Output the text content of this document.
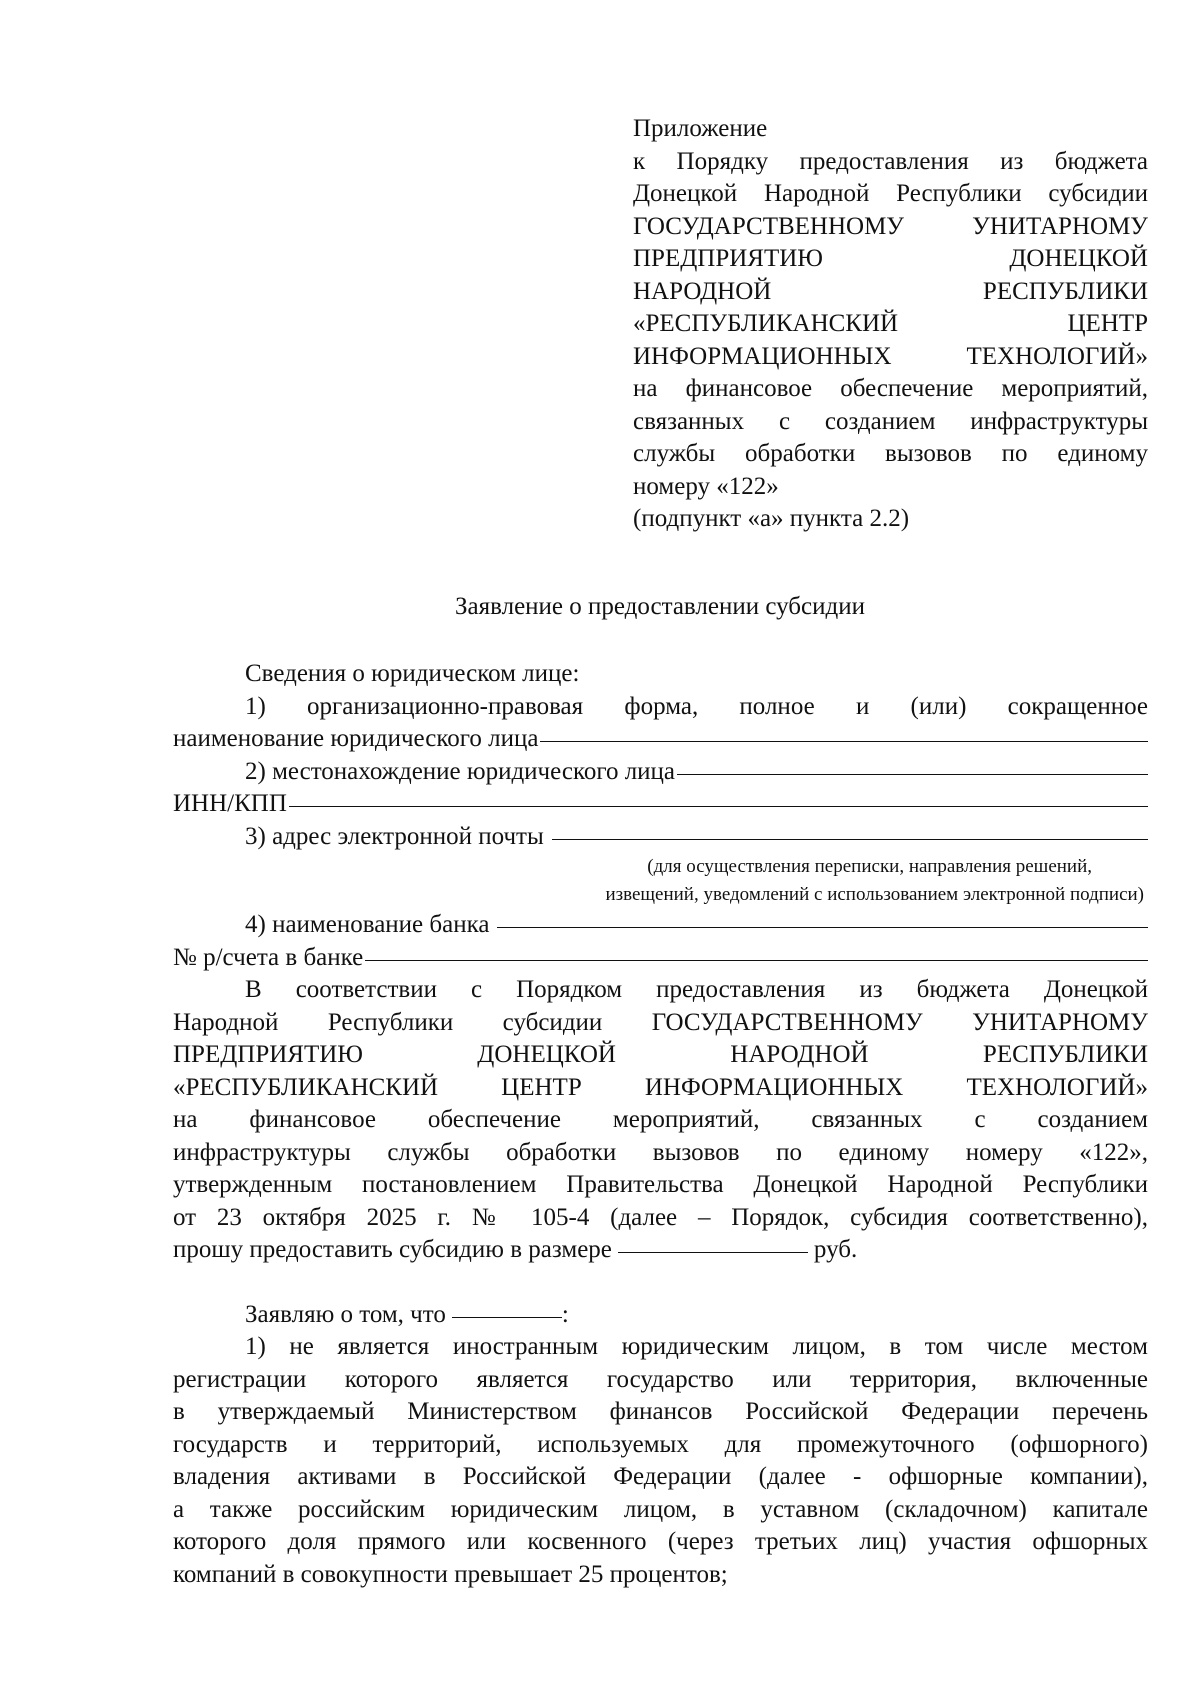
Приложение
к Порядку предоставления из бюджета
Донецкой Народной Республики субсидии
ГОСУДАРСТВЕННОМУ УНИТАРНОМУ
ПРЕДПРИЯТИЮ	ДОНЕЦКОЙ
НАРОДНОЙ	РЕСПУБЛИКИ
«РЕСПУБЛИКАНСКИЙ	ЦЕНТР
ИНФОРМАЦИОННЫХ ТЕХНОЛОГИЙ»
на финансовое обеспечение мероприятий,
связанных с созданием инфраструктуры
службы обработки вызовов по единому
номеру «122»
(подпункт «а» пункта 2.2)
Заявление о предоставлении субсидии
Сведения о юридическом лице:
1) организационно-правовая форма, полное и (или) сокращенное
наименование юридического лица
2) местонахождение юридического лица
ИНН/КПП
3) адрес электронной почты
(для осуществления переписки, направления решений,
извещений, уведомлений с использованием электронной подписи)
4) наименование банка
№ р/счета в банке
В соответствии с Порядком предоставления из бюджета Донецкой
Народной Республики субсидии ГОСУДАРСТВЕННОМУ УНИТАРНОМУ
ПРЕДПРИЯТИЮ ДОНЕЦКОЙ НАРОДНОЙ РЕСПУБЛИКИ
«РЕСПУБЛИКАНСКИЙ ЦЕНТР ИНФОРМАЦИОННЫХ ТЕХНОЛОГИЙ»
на финансовое обеспечение мероприятий, связанных с созданием
инфраструктуры службы обработки вызовов по единому номеру «122»,
утвержденным постановлением Правительства Донецкой Народной Республики
от 23 октября 2025 г. № 105-4 (далее – Порядок, субсидия соответственно),
прошу предоставить субсидию в размере	руб.
Заявляю о том, что	:
1) не является иностранным юридическим лицом, в том числе местом
регистрации которого является государство или территория, включенные
в утверждаемый Министерством финансов Российской Федерации перечень
государств и территорий, используемых для промежуточного (офшорного)
владения активами в Российской Федерации (далее - офшорные компании),
а также российским юридическим лицом, в уставном (складочном) капитале
которого доля прямого или косвенного (через третьих лиц) участия офшорных
компаний в совокупности превышает 25 процентов;
